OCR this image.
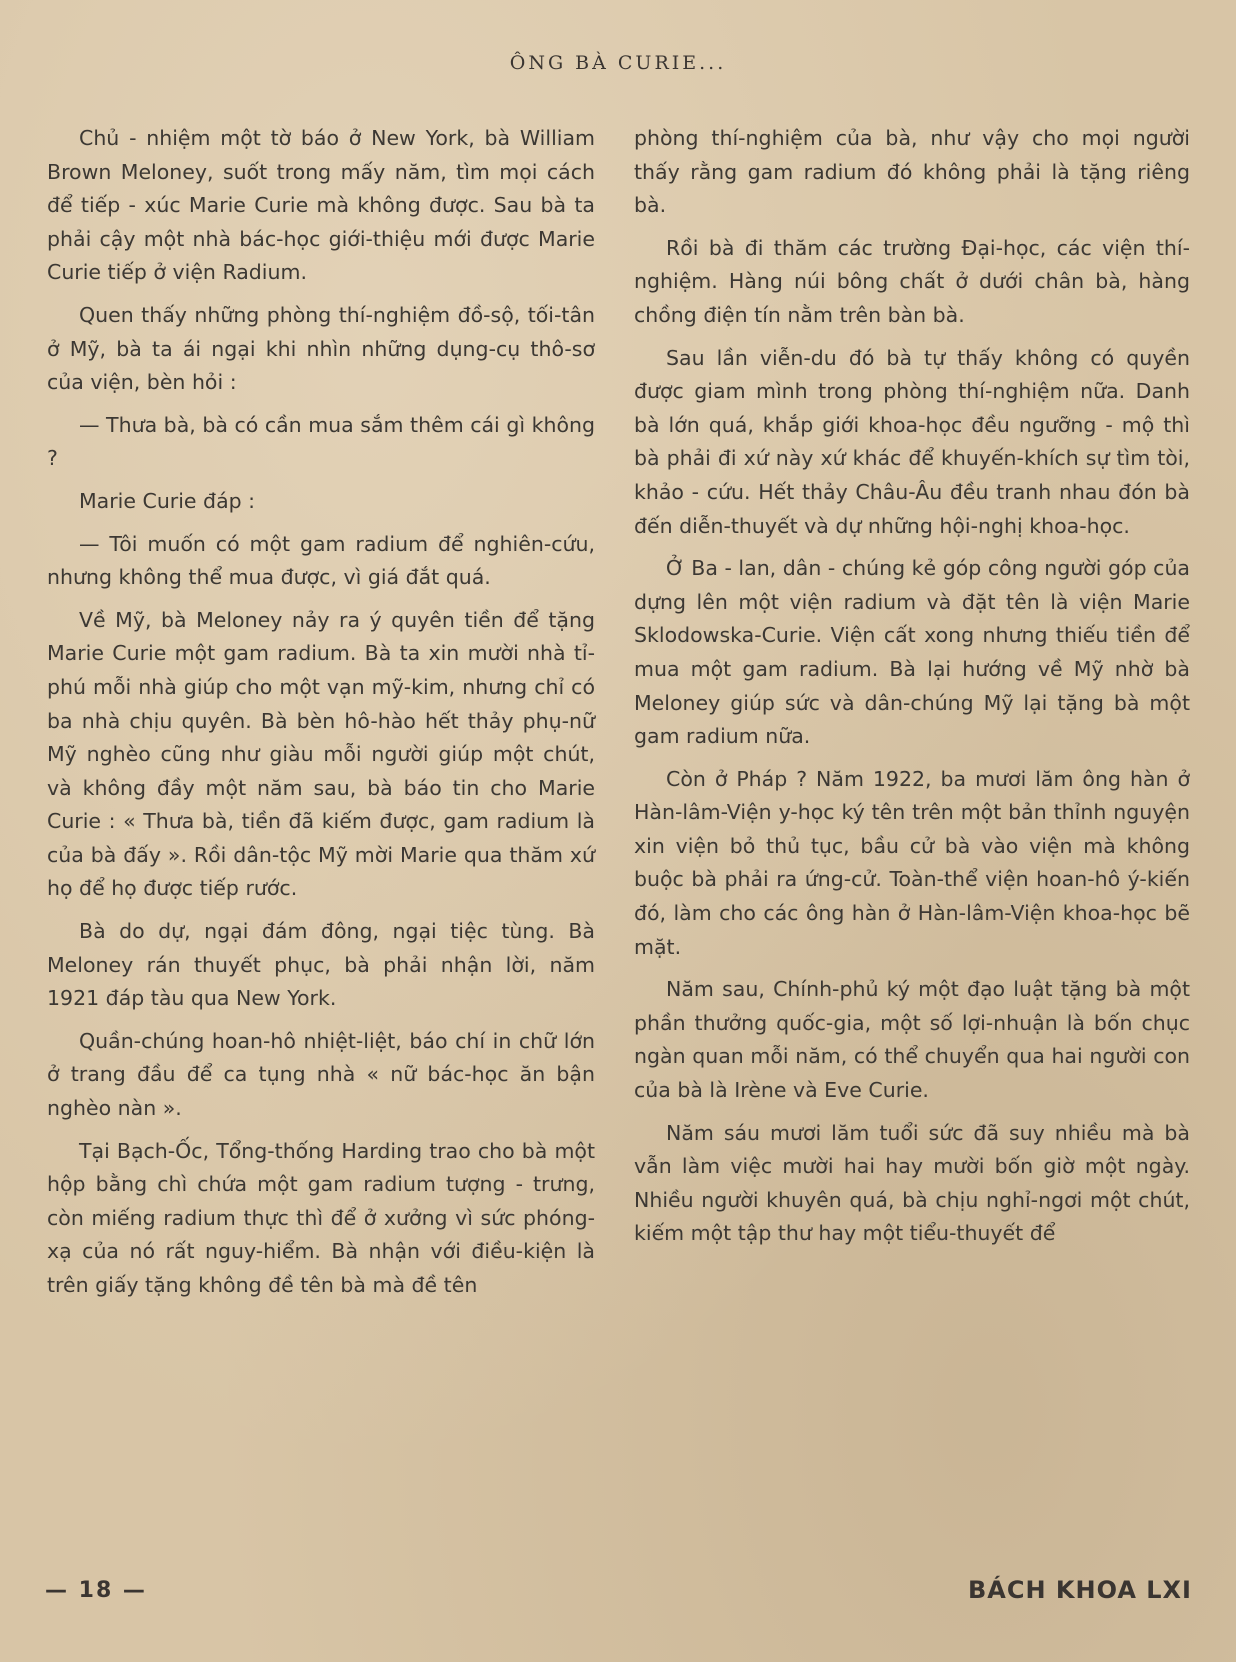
ÔNG BÀ CURIE...

Chủ - nhiệm một tờ báo ở New York, bà William Brown Meloney, suốt trong mấy năm, tìm mọi cách để tiếp - xúc Marie Curie mà không được. Sau bà ta phải cậy một nhà bác-học giới-thiệu mới được Marie Curie tiếp ở viện Radium.

Quen thấy những phòng thí-nghiệm đồ-sộ, tối-tân ở Mỹ, bà ta ái ngại khi nhìn những dụng-cụ thô-sơ của viện, bèn hỏi :

— Thưa bà, bà có cần mua sắm thêm cái gì không ?

Marie Curie đáp :

— Tôi muốn có một gam radium để nghiên-cứu, nhưng không thể mua được, vì giá đắt quá.

Về Mỹ, bà Meloney nảy ra ý quyên tiền để tặng Marie Curie một gam radium. Bà ta xin mười nhà tỉ-phú mỗi nhà giúp cho một vạn mỹ-kim, nhưng chỉ có ba nhà chịu quyên. Bà bèn hô-hào hết thảy phụ-nữ Mỹ nghèo cũng như giàu mỗi người giúp một chút, và không đầy một năm sau, bà báo tin cho Marie Curie : « Thưa bà, tiền đã kiếm được, gam radium là của bà đấy ». Rồi dân-tộc Mỹ mời Marie qua thăm xứ họ để họ được tiếp rước.

Bà do dự, ngại đám đông, ngại tiệc tùng. Bà Meloney rán thuyết phục, bà phải nhận lời, năm 1921 đáp tàu qua New York.

Quần-chúng hoan-hô nhiệt-liệt, báo chí in chữ lớn ở trang đầu để ca tụng nhà « nữ bác-học ăn bận nghèo nàn ».

Tại Bạch-Ốc, Tổng-thống Harding trao cho bà một hộp bằng chì chứa một gam radium tượng - trưng, còn miếng radium thực thì để ở xưởng vì sức phóng-xạ của nó rất nguy-hiểm. Bà nhận với điều-kiện là trên giấy tặng không đề tên bà mà đề tên

phòng thí-nghiệm của bà, như vậy cho mọi người thấy rằng gam radium đó không phải là tặng riêng bà.

Rồi bà đi thăm các trường Đại-học, các viện thí-nghiệm. Hàng núi bông chất ở dưới chân bà, hàng chồng điện tín nằm trên bàn bà.

Sau lần viễn-du đó bà tự thấy không có quyền được giam mình trong phòng thí-nghiệm nữa. Danh bà lớn quá, khắp giới khoa-học đều ngưỡng - mộ thì bà phải đi xứ này xứ khác để khuyến-khích sự tìm tòi, khảo - cứu. Hết thảy Châu-Âu đều tranh nhau đón bà đến diễn-thuyết và dự những hội-nghị khoa-học.

Ở Ba - lan, dân - chúng kẻ góp công người góp của dựng lên một viện radium và đặt tên là viện Marie Sklodowska-Curie. Viện cất xong nhưng thiếu tiền để mua một gam radium. Bà lại hướng về Mỹ nhờ bà Meloney giúp sức và dân-chúng Mỹ lại tặng bà một gam radium nữa.

Còn ở Pháp ? Năm 1922, ba mươi lăm ông hàn ở Hàn-lâm-Viện y-học ký tên trên một bản thỉnh nguyện xin viện bỏ thủ tục, bầu cử bà vào viện mà không buộc bà phải ra ứng-cử. Toàn-thể viện hoan-hô ý-kiến đó, làm cho các ông hàn ở Hàn-lâm-Viện khoa-học bẽ mặt.

Năm sau, Chính-phủ ký một đạo luật tặng bà một phần thưởng quốc-gia, một số lợi-nhuận là bốn chục ngàn quan mỗi năm, có thể chuyển qua hai người con của bà là Irène và Eve Curie.

Năm sáu mươi lăm tuổi sức đã suy nhiều mà bà vẫn làm việc mười hai hay mười bốn giờ một ngày. Nhiều người khuyên quá, bà chịu nghỉ-ngơi một chút, kiếm một tập thư hay một tiểu-thuyết để

— 18 —	BÁCH KHOA LXI
